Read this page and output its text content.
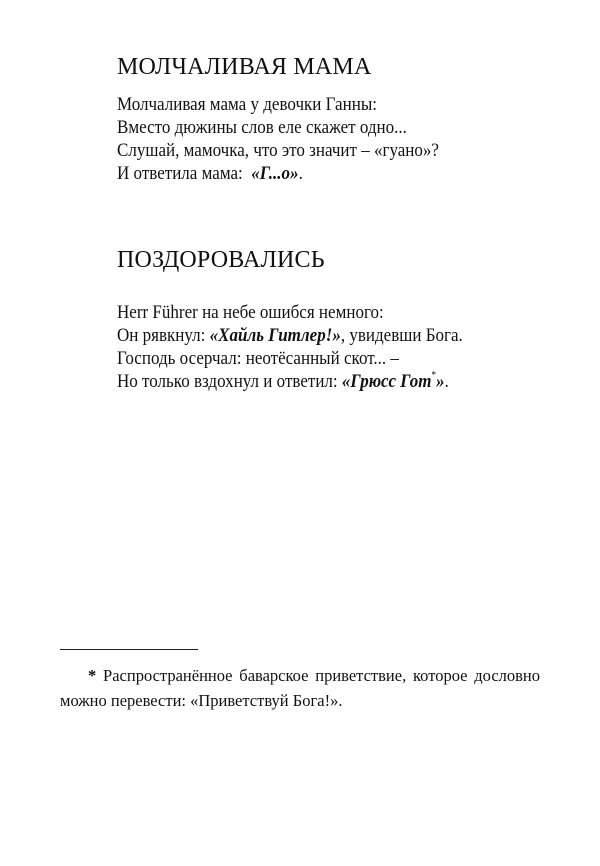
МОЛЧАЛИВАЯ МАМА
Молчаливая мама у девочки Ганны:
Вместо дюжины слов еле скажет одно...
Слушай, мамочка, что это значит – «гуано»?
И ответила мама:  «Г...о».
ПОЗДОРОВАЛИСЬ
Herr Führer на небе ошибся немного:
Он рявкнул: «Хайль Гитлер!», увидевши Бога.
Господь осерчал: неотёсанный скот... –
Но только вздохнул и ответил: «Грюсс Гот*».

* Распространённое баварское приветствие, которое дословно можно перевести: «Приветствуй Бога!».
